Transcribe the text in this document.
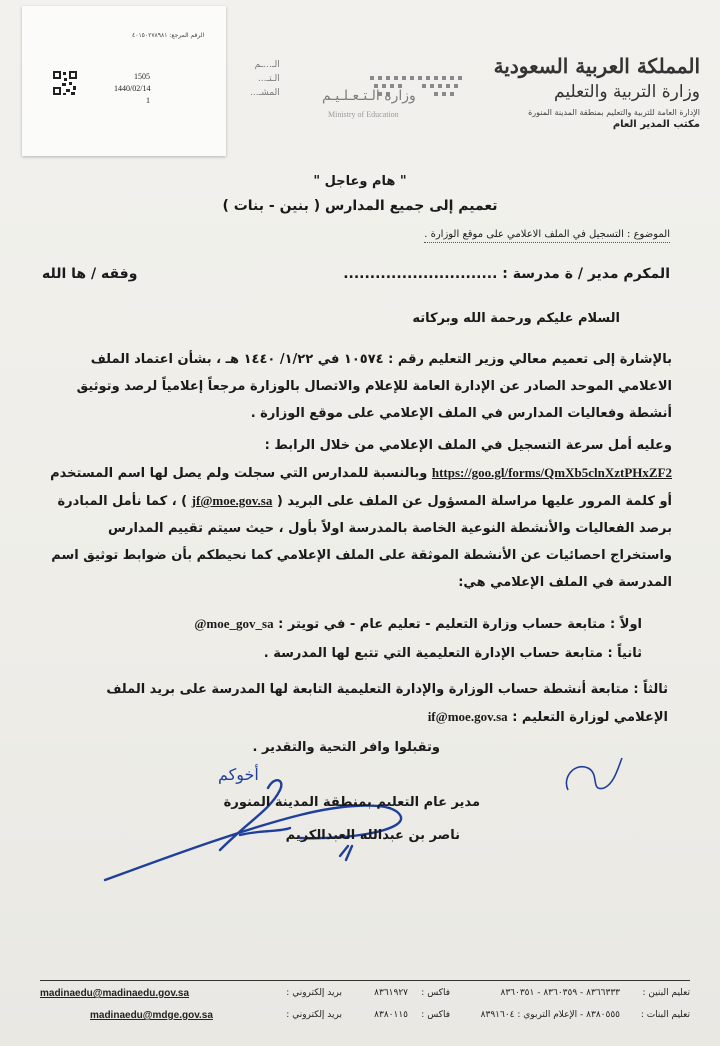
الرقم المرجع: ٤٠١٥٠٢٧٨٩٨١
1505
1440/02/14
1
الـ...ـم
الـتـ...
المشـ...	وزارة الـتـعـلـيـم
Ministry of Education
المملكة العربية السعودية
وزارة التربية والتعليم
الإدارة العامة للتربية والتعليم بمنطقة المدينة المنورة
مكتب المدير العام
" هام وعاجل "
تعميم إلى جميع المدارس ( بنين - بنات )
الموضوع : التسجيل في الملف الاعلامي على موقع الوزارة .
المكرم مدير / ة مدرسة : .............................
وفقه / ها الله
السلام عليكم ورحمة الله وبركاته
بالإشارة إلى تعميم معالي وزير التعليم رقم : ١٠٥٧٤ في ١/٢٢/ ١٤٤٠ هـ ، بشأن اعتماد الملف الاعلامي الموحد الصادر عن الإدارة العامة للإعلام والاتصال بالوزارة مرجعاً إعلامياً لرصد وتوثيق أنشطة وفعاليات المدارس في الملف الإعلامي على موقع الوزارة .
وعليه أمل سرعة التسجيل في الملف الإعلامي من خلال الرابط :
https://goo.gl/forms/QmXb5clnXztPHxZF2 وبالنسبة للمدارس التي سجلت ولم يصل لها اسم المستخدم أو كلمة المرور عليها مراسلة المسؤول عن الملف على البريد ( jf@moe.gov.sa ) ، كما نأمل المبادرة برصد الفعاليات والأنشطة النوعية الخاصة بالمدرسة اولاً بأول ، حيث سيتم تقييم المدارس واستخراج احصائيات عن الأنشطة الموثقة على الملف الإعلامي كما نحيطكم بأن ضوابط توثيق اسم المدرسة في الملف الإعلامي هي:
اولاً : متابعة حساب وزارة التعليم - تعليم عام - في تويتر : @moe_gov_sa
ثانياً : متابعة حساب الإدارة التعليمية التي تتبع لها المدرسة .
ثالثاً : متابعة أنشطة حساب الوزارة والإدارة التعليمية التابعة لها المدرسة على بريد الملف الإعلامي لوزارة التعليم : if@moe.gov.sa
وتقبلوا وافر التحية والتقدير .
أخوكم
مدير عام التعليم بمنطقة المدينة المنورة
ناصر بن عبدالله العبدالكريم
تعليم البنين :
٨٣٦٦٣٣٣ - ٨٣٦٠٣٥٩ - ٨٣٦٠٣٥١
فاكس :
٨٣٦١٩٢٧
بريد إلكتروني :
madinaedu@madinaedu.gov.sa
تعليم البنات :
٨٣٨٠٥٥٥ - الإعلام التربوي : ٨٣٩١٦٠٤
فاكس :
٨٣٨٠١١٥
بريد إلكتروني :
madinaedu@mdge.gov.sa
